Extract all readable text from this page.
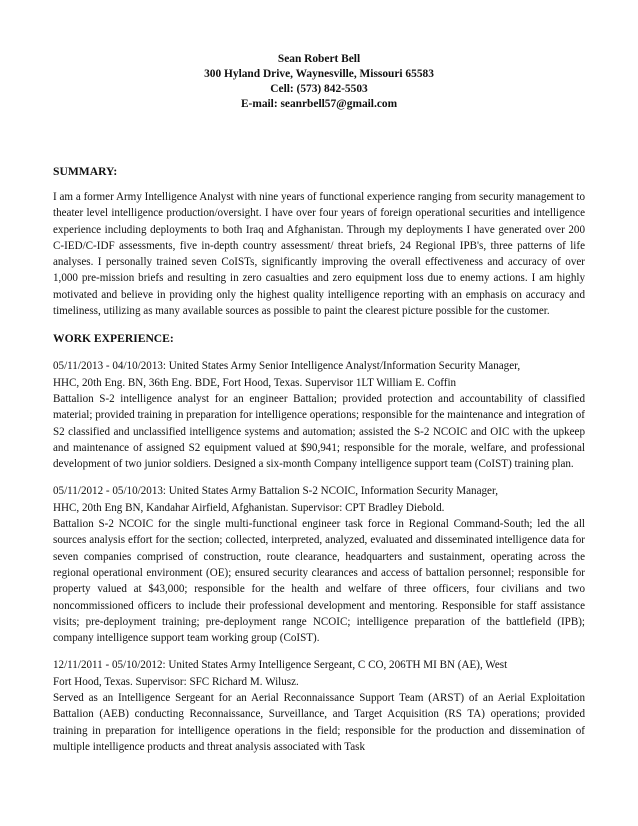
Sean Robert Bell
300 Hyland Drive, Waynesville, Missouri 65583
Cell: (573) 842-5503
E-mail: seanrbell57@gmail.com

SUMMARY:

I am a former Army Intelligence Analyst with nine years of functional experience ranging from security management to theater level intelligence production/oversight. I have over four years of foreign operational securities and intelligence experience including deployments to both Iraq and Afghanistan. Through my deployments I have generated over 200 C-IED/C-IDF assessments, five in-depth country assessment/ threat briefs, 24 Regional IPB's, three patterns of life analyses. I personally trained seven CoISTs, significantly improving the overall effectiveness and accuracy of over 1,000 pre-mission briefs and resulting in zero casualties and zero equipment loss due to enemy actions. I am highly motivated and believe in providing only the highest quality intelligence reporting with an emphasis on accuracy and timeliness, utilizing as many available sources as possible to paint the clearest picture possible for the customer.

WORK EXPERIENCE:

05/11/2013 - 04/10/2013: United States Army Senior Intelligence Analyst/Information Security Manager,

HHC, 20th Eng. BN, 36th Eng. BDE, Fort Hood, Texas. Supervisor 1LT William E. Coffin

Battalion S-2 intelligence analyst for an engineer Battalion; provided protection and accountability of classified material; provided training in preparation for intelligence operations; responsible for the maintenance and integration of S2 classified and unclassified intelligence systems and automation; assisted the S-2 NCOIC and OIC with the upkeep and maintenance of assigned S2 equipment valued at $90,941; responsible for the morale, welfare, and professional development of two junior soldiers. Designed a six-month Company intelligence support team (CoIST) training plan.

05/11/2012 - 05/10/2013: United States Army Battalion S-2 NCOIC, Information Security Manager,

HHC, 20th Eng BN, Kandahar Airfield, Afghanistan. Supervisor: CPT Bradley Diebold.

Battalion S-2 NCOIC for the single multi-functional engineer task force in Regional Command-South; led the all sources analysis effort for the section; collected, interpreted, analyzed, evaluated and disseminated intelligence data for seven companies comprised of construction, route clearance, headquarters and sustainment, operating across the regional operational environment (OE); ensured security clearances and access of battalion personnel; responsible for property valued at $43,000; responsible for the health and welfare of three officers, four civilians and two noncommissioned officers to include their professional development and mentoring. Responsible for staff assistance visits; pre-deployment training; pre-deployment range NCOIC; intelligence preparation of the battlefield (IPB); company intelligence support team working group (CoIST).

12/11/2011 - 05/10/2012: United States Army Intelligence Sergeant, C CO, 206TH MI BN (AE), West

Fort Hood, Texas. Supervisor: SFC Richard M. Wilusz.

Served as an Intelligence Sergeant for an Aerial Reconnaissance Support Team (ARST) of an Aerial Exploitation Battalion (AEB) conducting Reconnaissance, Surveillance, and Target Acquisition (RS TA) operations; provided training in preparation for intelligence operations in the field; responsible for the production and dissemination of multiple intelligence products and threat analysis associated with Task
